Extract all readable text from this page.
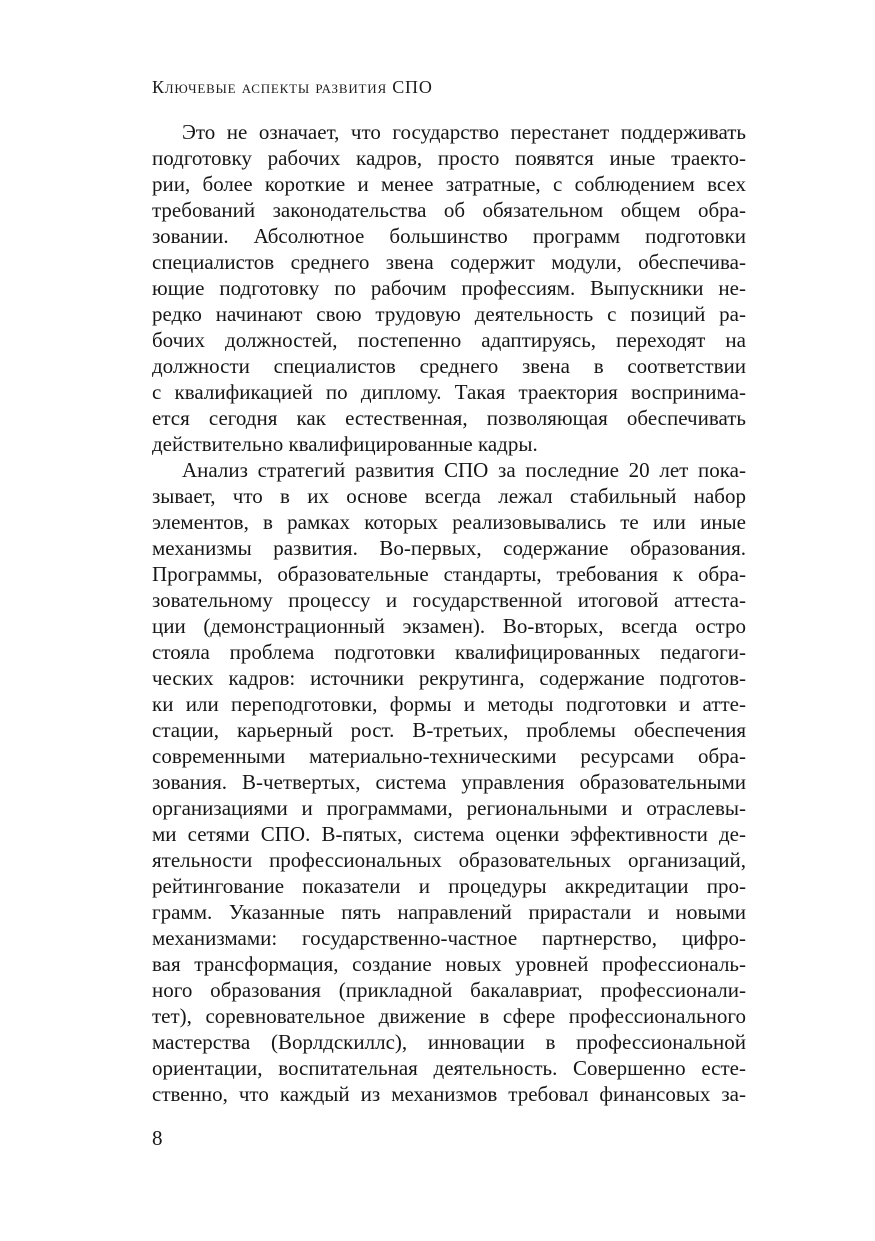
Ключевые аспекты развития СПО
Это не означает, что государство перестанет поддерживать
подготовку рабочих кадров, просто появятся иные траекто-
рии, более короткие и менее затратные, с соблюдением всех
требований законодательства об обязательном общем обра-
зовании. Абсолютное большинство программ подготовки
специалистов среднего звена содержит модули, обеспечива-
ющие подготовку по рабочим профессиям. Выпускники не-
редко начинают свою трудовую деятельность с позиций ра-
бочих должностей, постепенно адаптируясь, переходят на
должности специалистов среднего звена в соответствии
с квалификацией по диплому. Такая траектория воспринима-
ется сегодня как естественная, позволяющая обеспечивать
действительно квалифицированные кадры.
Анализ стратегий развития СПО за последние 20 лет пока-
зывает, что в их основе всегда лежал стабильный набор
элементов, в рамках которых реализовывались те или иные
механизмы развития. Во-первых, содержание образования.
Программы, образовательные стандарты, требования к обра-
зовательному процессу и государственной итоговой аттеста-
ции (демонстрационный экзамен). Во-вторых, всегда остро
стояла проблема подготовки квалифицированных педагоги-
ческих кадров: источники рекрутинга, содержание подготов-
ки или переподготовки, формы и методы подготовки и атте-
стации, карьерный рост. В-третьих, проблемы обеспечения
современными материально-техническими ресурсами обра-
зования. В-четвертых, система управления образовательными
организациями и программами, региональными и отраслевы-
ми сетями СПО. В-пятых, система оценки эффективности де-
ятельности профессиональных образовательных организаций,
рейтингование показатели и процедуры аккредитации про-
грамм. Указанные пять направлений прирастали и новыми
механизмами: государственно-частное партнерство, цифро-
вая трансформация, создание новых уровней профессиональ-
ного образования (прикладной бакалавриат, профессионали-
тет), соревновательное движение в сфере профессионального
мастерства (Ворлдскиллс), инновации в профессиональной
ориентации, воспитательная деятельность. Совершенно есте-
ственно, что каждый из механизмов требовал финансовых за-
8
